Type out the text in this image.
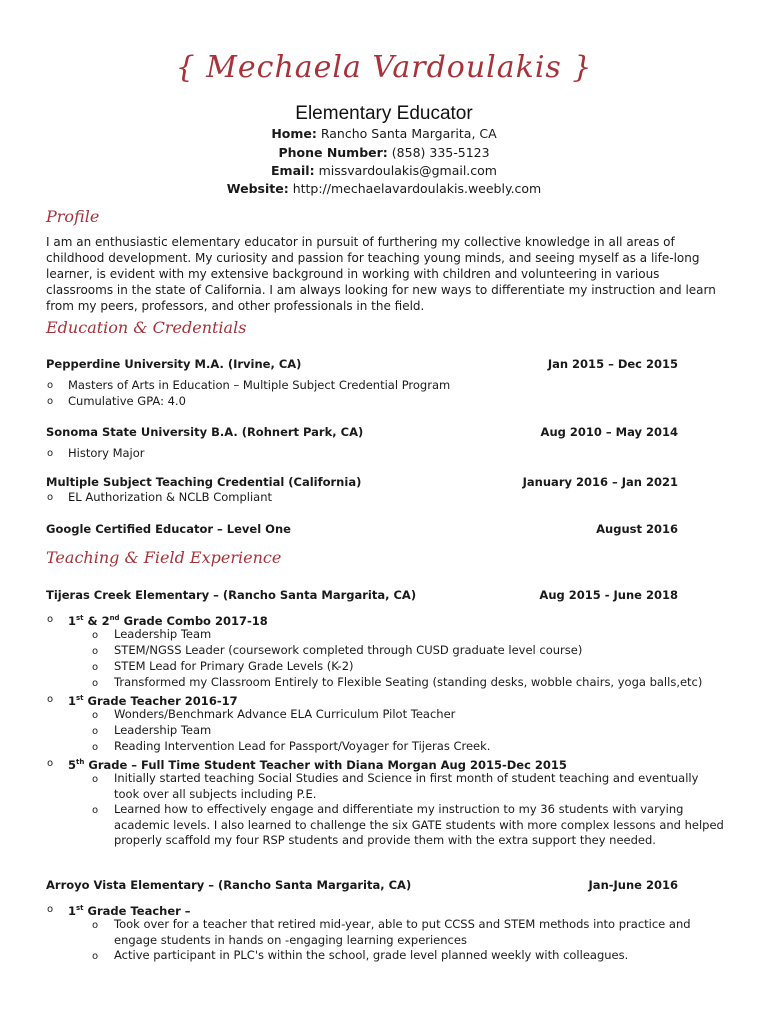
{ Mechaela Vardoulakis }
Elementary Educator
Home: Rancho Santa Margarita, CA
Phone Number: (858) 335-5123
Email: missvardoulakis@gmail.com
Website: http://mechaelavardoulakis.weebly.com
Profile
I am an enthusiastic elementary educator in pursuit of furthering my collective knowledge in all areas of childhood development. My curiosity and passion for teaching young minds, and seeing myself as a life-long learner, is evident with my extensive background in working with children and volunteering in various classrooms in the state of California. I am always looking for new ways to differentiate my instruction and learn from my peers, professors, and other professionals in the field.
Education & Credentials
Pepperdine University M.A. (Irvine, CA)	Jan 2015 – Dec 2015
o Masters of Arts in Education – Multiple Subject Credential Program
o Cumulative GPA: 4.0
Sonoma State University B.A. (Rohnert Park, CA)	Aug 2010 – May 2014
o History Major
Multiple Subject Teaching Credential (California)	January 2016 – Jan 2021
o EL Authorization & NCLB Compliant
Google Certified Educator – Level One	August 2016
Teaching & Field Experience
Tijeras Creek Elementary – (Rancho Santa Margarita, CA)	Aug 2015 - June 2018
o 1st & 2nd Grade Combo 2017-18
o Leadership Team
o STEM/NGSS Leader (coursework completed through CUSD graduate level course)
o STEM Lead for Primary Grade Levels (K-2)
o Transformed my Classroom Entirely to Flexible Seating (standing desks, wobble chairs, yoga balls,etc)
o 1st Grade Teacher 2016-17
o Wonders/Benchmark Advance ELA Curriculum Pilot Teacher
o Leadership Team
o Reading Intervention Lead for Passport/Voyager for Tijeras Creek.
o 5th Grade – Full Time Student Teacher with Diana Morgan Aug 2015-Dec 2015
o Initially started teaching Social Studies and Science in first month of student teaching and eventually took over all subjects including P.E.
o Learned how to effectively engage and differentiate my instruction to my 36 students with varying academic levels. I also learned to challenge the six GATE students with more complex lessons and helped properly scaffold my four RSP students and provide them with the extra support they needed.
Arroyo Vista Elementary – (Rancho Santa Margarita, CA)	Jan-June 2016
o 1st Grade Teacher –
o Took over for a teacher that retired mid-year, able to put CCSS and STEM methods into practice and engage students in hands on -engaging learning experiences
o Active participant in PLC's within the school, grade level planned weekly with colleagues.
